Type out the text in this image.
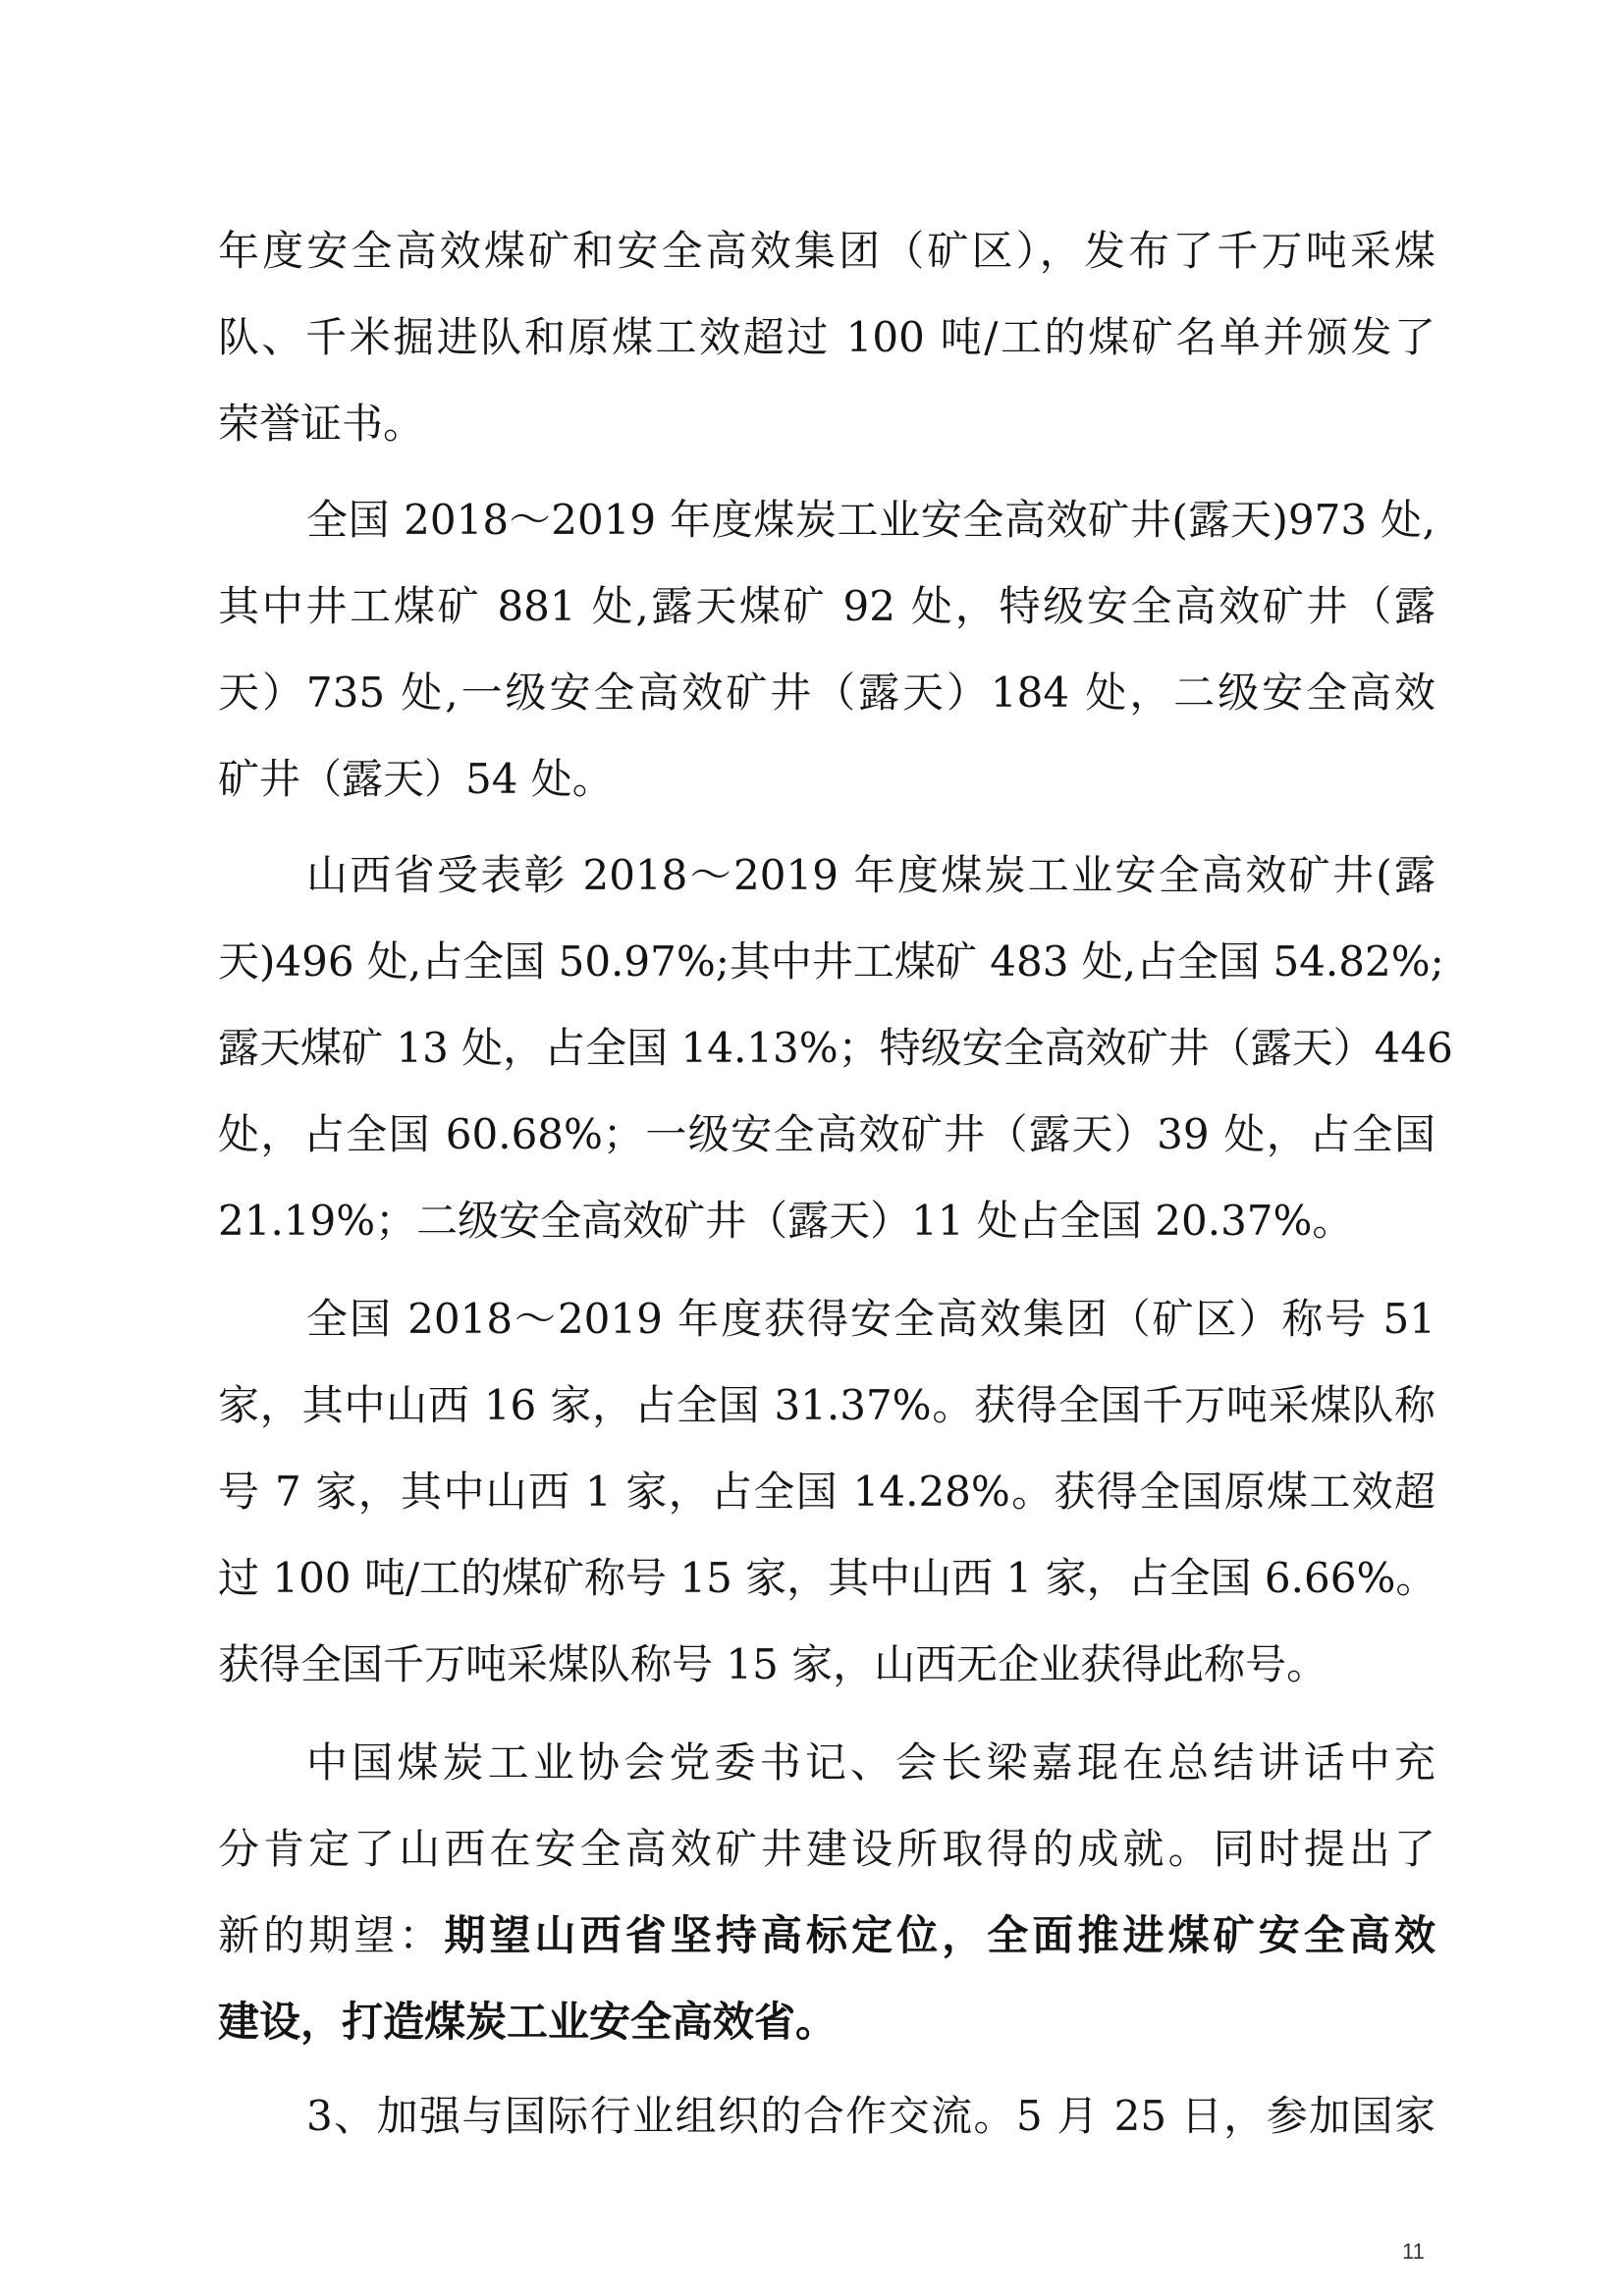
年度安全高效煤矿和安全高效集团（矿区），发布了千万吨采煤
队、千米掘进队和原煤工效超过 100 吨/工的煤矿名单并颁发了
荣誉证书。
全国 2018～2019 年度煤炭工业安全高效矿井(露天)973 处,
其中井工煤矿 881 处,露天煤矿 92 处，特级安全高效矿井（露
天）735 处,一级安全高效矿井（露天）184 处，二级安全高效
矿井（露天）54 处。
山西省受表彰 2018～2019 年度煤炭工业安全高效矿井(露
天)496 处,占全国 50.97%;其中井工煤矿 483 处,占全国 54.82%;
露天煤矿 13 处，占全国 14.13%；特级安全高效矿井（露天）446
处，占全国 60.68%；一级安全高效矿井（露天）39 处，占全国
21.19%；二级安全高效矿井（露天）11 处占全国 20.37%。
全国 2018～2019 年度获得安全高效集团（矿区）称号 51
家，其中山西 16 家，占全国 31.37%。获得全国千万吨采煤队称
号 7 家，其中山西 1 家，占全国 14.28%。获得全国原煤工效超
过 100 吨/工的煤矿称号 15 家，其中山西 1 家，占全国 6.66%。
获得全国千万吨采煤队称号 15 家，山西无企业获得此称号。
中国煤炭工业协会党委书记、会长梁嘉琨在总结讲话中充
分肯定了山西在安全高效矿井建设所取得的成就。同时提出了
新的期望：期望山西省坚持高标定位，全面推进煤矿安全高效
建设，打造煤炭工业安全高效省。
3、加强与国际行业组织的合作交流。5 月 25 日，参加国家
11
